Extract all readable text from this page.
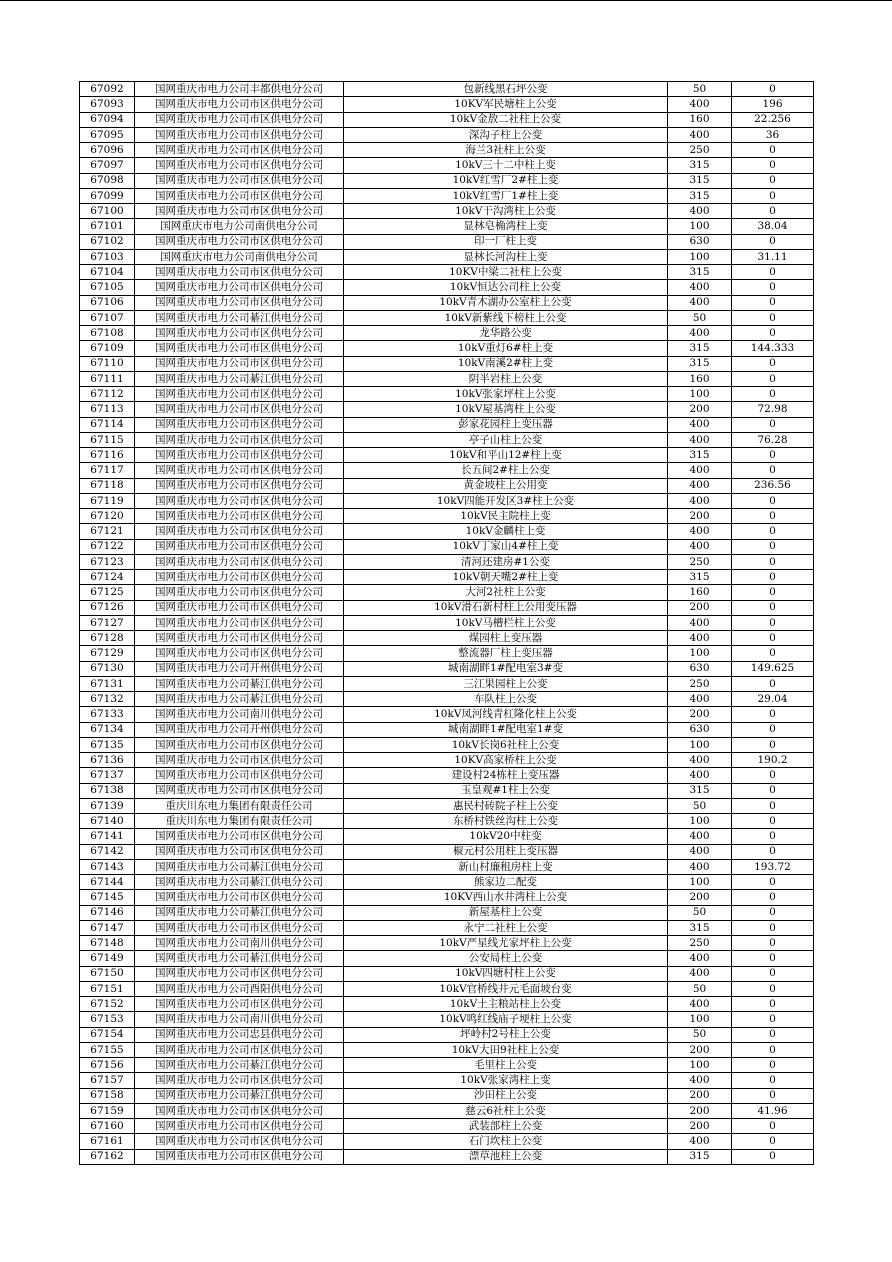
67092	国网重庆市电力公司丰都供电分公司	包新线黑石坪公变	50	0
67093	国网重庆市电力公司市区供电分公司	10KV军民塘柱上公变	400	196
67094	国网重庆市电力公司市区供电分公司	10kV金敖二社柱上公变	160	22.256
67095	国网重庆市电力公司市区供电分公司	深沟子柱上公变	400	36
67096	国网重庆市电力公司市区供电分公司	海兰3社柱上公变	250	0
67097	国网重庆市电力公司市区供电分公司	10kV三十二中柱上变	315	0
67098	国网重庆市电力公司市区供电分公司	10kV红雪厂2#柱上变	315	0
67099	国网重庆市电力公司市区供电分公司	10kV红雪厂1#柱上变	315	0
67100	国网重庆市电力公司市区供电分公司	10kV干沟湾柱上公变	400	0
67101	国网重庆市电力公司南供电分公司	显林皂桷湾柱上变	100	38.04
67102	国网重庆市电力公司市区供电分公司	印一厂柱上变	630	0
67103	国网重庆市电力公司南供电分公司	显林长河沟柱上变	100	31.11
67104	国网重庆市电力公司市区供电分公司	10KV中梁二社柱上公变	315	0
67105	国网重庆市电力公司市区供电分公司	10kV恒达公司柱上公变	400	0
67106	国网重庆市电力公司市区供电分公司	10kV青木湖办公室柱上公变	400	0
67107	国网重庆市电力公司綦江供电分公司	10kV新紫线下榜柱上公变	50	0
67108	国网重庆市电力公司市区供电分公司	龙华路公变	400	0
67109	国网重庆市电力公司市区供电分公司	10kV重灯6#柱上变	315	144.333
67110	国网重庆市电力公司市区供电分公司	10kV南溪2#柱上变	315	0
67111	国网重庆市电力公司綦江供电分公司	阴半岩柱上公变	160	0
67112	国网重庆市电力公司市区供电分公司	10kV张家坪柱上公变	100	0
67113	国网重庆市电力公司市区供电分公司	10kV屋基湾柱上公变	200	72.98
67114	国网重庆市电力公司市区供电分公司	彭家花园柱上变压器	400	0
67115	国网重庆市电力公司市区供电分公司	亭子山柱上公变	400	76.28
67116	国网重庆市电力公司市区供电分公司	10kV和平山12#柱上变	315	0
67117	国网重庆市电力公司市区供电分公司	长五间2#柱上公变	400	0
67118	国网重庆市电力公司市区供电分公司	黄金坡柱上公用变	400	236.56
67119	国网重庆市电力公司市区供电分公司	10kV四能开发区3#柱上公变	400	0
67120	国网重庆市电力公司市区供电分公司	10kV民主院柱上变	200	0
67121	国网重庆市电力公司市区供电分公司	10kV金麟柱上变	400	0
67122	国网重庆市电力公司市区供电分公司	10kV丁家山4#柱上变	400	0
67123	国网重庆市电力公司市区供电分公司	清河还建房#1公变	250	0
67124	国网重庆市电力公司市区供电分公司	10kV朝天嘴2#柱上变	315	0
67125	国网重庆市电力公司市区供电分公司	大河2社柱上公变	160	0
67126	国网重庆市电力公司市区供电分公司	10kV滑石新村柱上公用变压器	200	0
67127	国网重庆市电力公司市区供电分公司	10kV马槽栏柱上公变	400	0
67128	国网重庆市电力公司市区供电分公司	煤园柱上变压器	400	0
67129	国网重庆市电力公司市区供电分公司	整流器厂柱上变压器	100	0
67130	国网重庆市电力公司开州供电分公司	城南湖畔1#配电室3#变	630	149.625
67131	国网重庆市电力公司綦江供电分公司	三江果园柱上公变	250	0
67132	国网重庆市电力公司綦江供电分公司	车队柱上公变	400	29.04
67133	国网重庆市电力公司南川供电分公司	10kV凤河线青杠隆化柱上公变	200	0
67134	国网重庆市电力公司开州供电分公司	城南湖畔1#配电室1#变	630	0
67135	国网重庆市电力公司市区供电分公司	10kV长岗6社柱上公变	100	0
67136	国网重庆市电力公司市区供电分公司	10KV高家桥柱上公变	400	190.2
67137	国网重庆市电力公司市区供电分公司	建设村24栋柱上变压器	400	0
67138	国网重庆市电力公司市区供电分公司	玉皇观#1柱上公变	315	0
67139	重庆川东电力集团有限责任公司	惠民村砖院子柱上公变	50	0
67140	重庆川东电力集团有限责任公司	东桥村铁丝沟柱上公变	100	0
67141	国网重庆市电力公司市区供电分公司	10kV20中柱变	400	0
67142	国网重庆市电力公司市区供电分公司	椒元村公用柱上变压器	400	0
67143	国网重庆市电力公司綦江供电分公司	新山村廉租房柱上变	400	193.72
67144	国网重庆市电力公司綦江供电分公司	熊家边二配变	100	0
67145	国网重庆市电力公司市区供电分公司	10KV西山水井湾柱上公变	200	0
67146	国网重庆市电力公司綦江供电分公司	新屋基柱上公变	50	0
67147	国网重庆市电力公司市区供电分公司	永宁二社柱上公变	315	0
67148	国网重庆市电力公司南川供电分公司	10kV严星线尤家坪柱上公变	250	0
67149	国网重庆市电力公司綦江供电分公司	公安局柱上公变	400	0
67150	国网重庆市电力公司市区供电分公司	10kV四塘村柱上公变	400	0
67151	国网重庆市电力公司酉阳供电分公司	10kV官桥线井元毛面坡台变	50	0
67152	国网重庆市电力公司市区供电分公司	10kV土主粮站柱上公变	400	0
67153	国网重庆市电力公司南川供电分公司	10kV鸣红线庙子埂柱上公变	100	0
67154	国网重庆市电力公司忠县供电分公司	坪岭村2号柱上公变	50	0
67155	国网重庆市电力公司市区供电分公司	10kV大田9社柱上公变	200	0
67156	国网重庆市电力公司綦江供电分公司	毛里柱上公变	100	0
67157	国网重庆市电力公司市区供电分公司	10kV张家湾柱上变	400	0
67158	国网重庆市电力公司綦江供电分公司	沙田柱上公变	200	0
67159	国网重庆市电力公司市区供电分公司	慈云6社柱上公变	200	41.96
67160	国网重庆市电力公司市区供电分公司	武装部柱上公变	200	0
67161	国网重庆市电力公司市区供电分公司	石门坎柱上公变	400	0
67162	国网重庆市电力公司市区供电分公司	漂草池柱上公变	315	0
